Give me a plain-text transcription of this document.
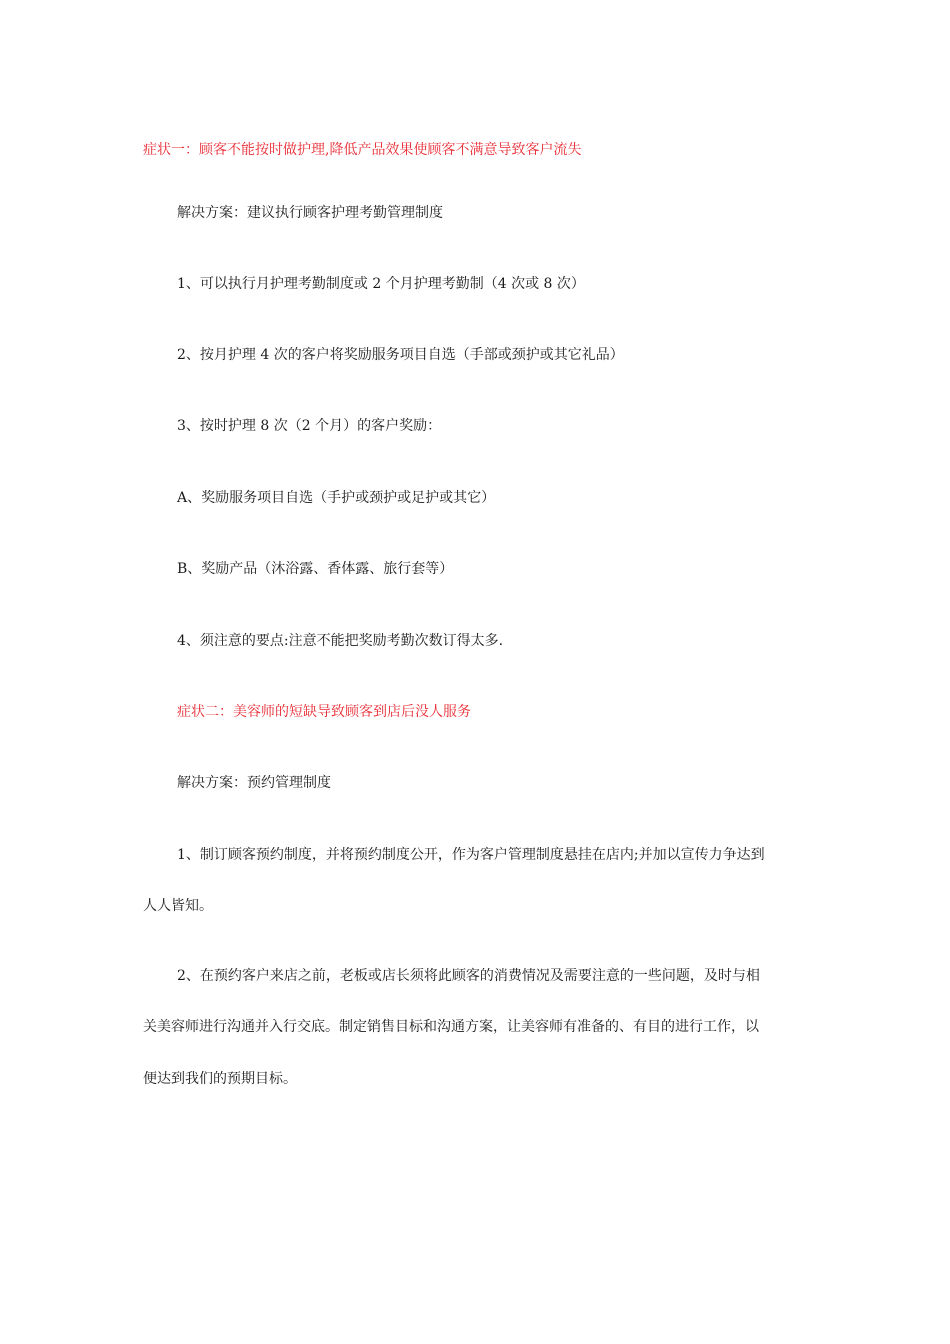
症状一：顾客不能按时做护理,降低产品效果使顾客不满意导致客户流失

解决方案：建议执行顾客护理考勤管理制度

1、可以执行月护理考勤制度或 2 个月护理考勤制（4 次或 8 次）

2、按月护理 4 次的客户将奖励服务项目自选（手部或颈护或其它礼品）

3、按时护理 8 次（2 个月）的客户奖励：

A、奖励服务项目自选（手护或颈护或足护或其它）

B、奖励产品（沐浴露、香体露、旅行套等）

4、须注意的要点:注意不能把奖励考勤次数订得太多.

症状二：美容师的短缺导致顾客到店后没人服务

解决方案：预约管理制度

1、制订顾客预约制度，并将预约制度公开，作为客户管理制度悬挂在店内;并加以宣传力争达到

人人皆知。

2、在预约客户来店之前，老板或店长须将此顾客的消费情况及需要注意的一些问题，及时与相

关美容师进行沟通并入行交底。制定销售目标和沟通方案，让美容师有准备的、有目的进行工作，以

便达到我们的预期目标。
